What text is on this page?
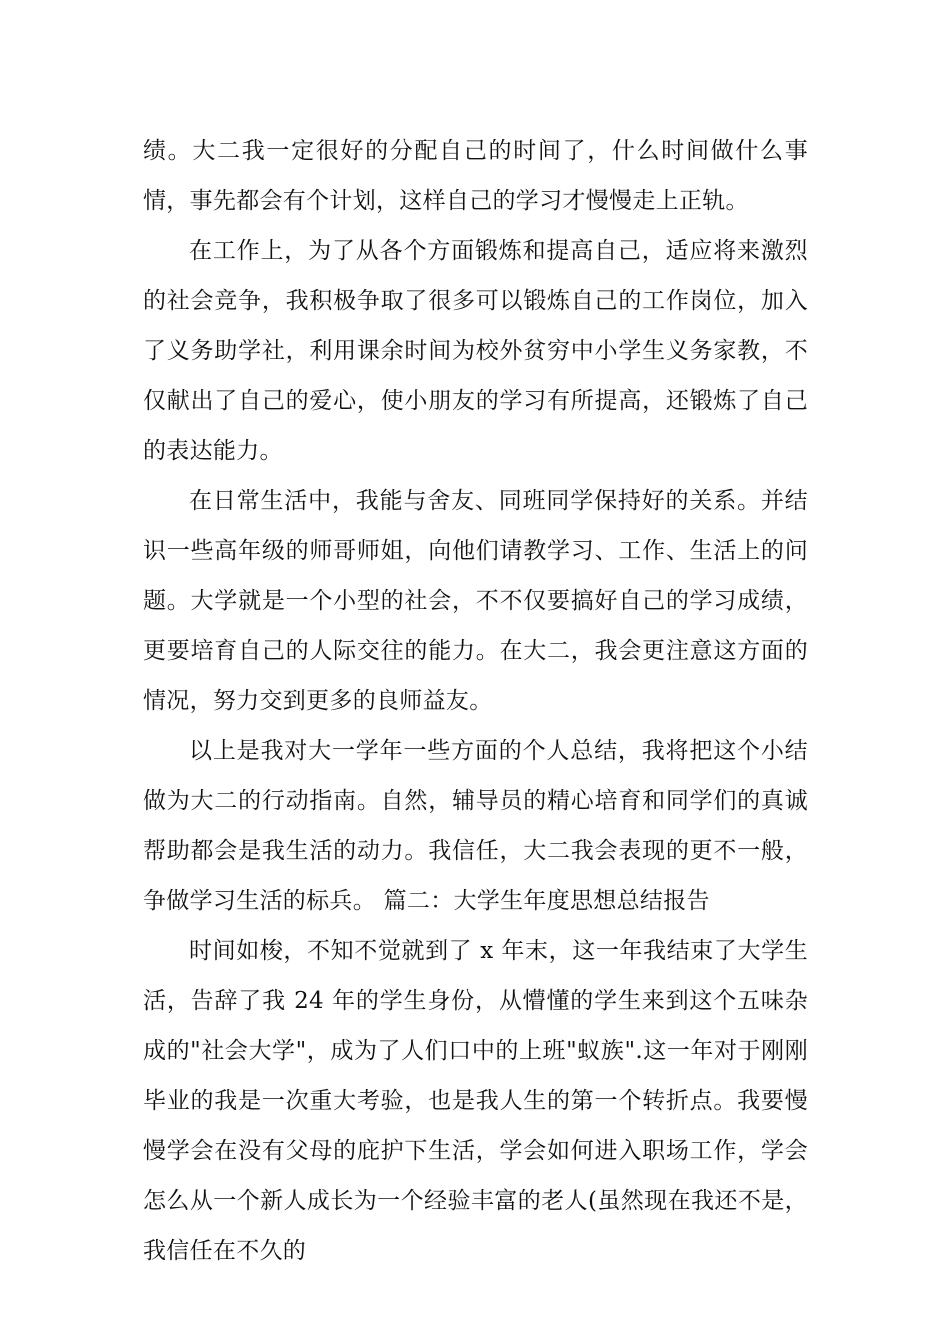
绩。大二我一定很好的分配自己的时间了，什么时间做什么事情，事先都会有个计划，这样自己的学习才慢慢走上正轨。

在工作上，为了从各个方面锻炼和提高自己，适应将来激烈的社会竞争，我积极争取了很多可以锻炼自己的工作岗位，加入了义务助学社，利用课余时间为校外贫穷中小学生义务家教，不仅献出了自己的爱心，使小朋友的学习有所提高，还锻炼了自己的表达能力。

在日常生活中，我能与舍友、同班同学保持好的关系。并结识一些高年级的师哥师姐，向他们请教学习、工作、生活上的问题。大学就是一个小型的社会，不不仅要搞好自己的学习成绩，更要培育自己的人际交往的能力。在大二，我会更注意这方面的情况，努力交到更多的良师益友。

以上是我对大一学年一些方面的个人总结，我将把这个小结做为大二的行动指南。自然，辅导员的精心培育和同学们的真诚帮助都会是我生活的动力。我信任，大二我会表现的更不一般，争做学习生活的标兵。 篇二：大学生年度思想总结报告

时间如梭，不知不觉就到了 x 年末，这一年我结束了大学生活，告辞了我 24 年的学生身份，从懵懂的学生来到这个五味杂成的"社会大学"，成为了人们口中的上班"蚁族".这一年对于刚刚毕业的我是一次重大考验，也是我人生的第一个转折点。我要慢慢学会在没有父母的庇护下生活，学会如何进入职场工作，学会怎么从一个新人成长为一个经验丰富的老人(虽然现在我还不是，我信任在不久的
